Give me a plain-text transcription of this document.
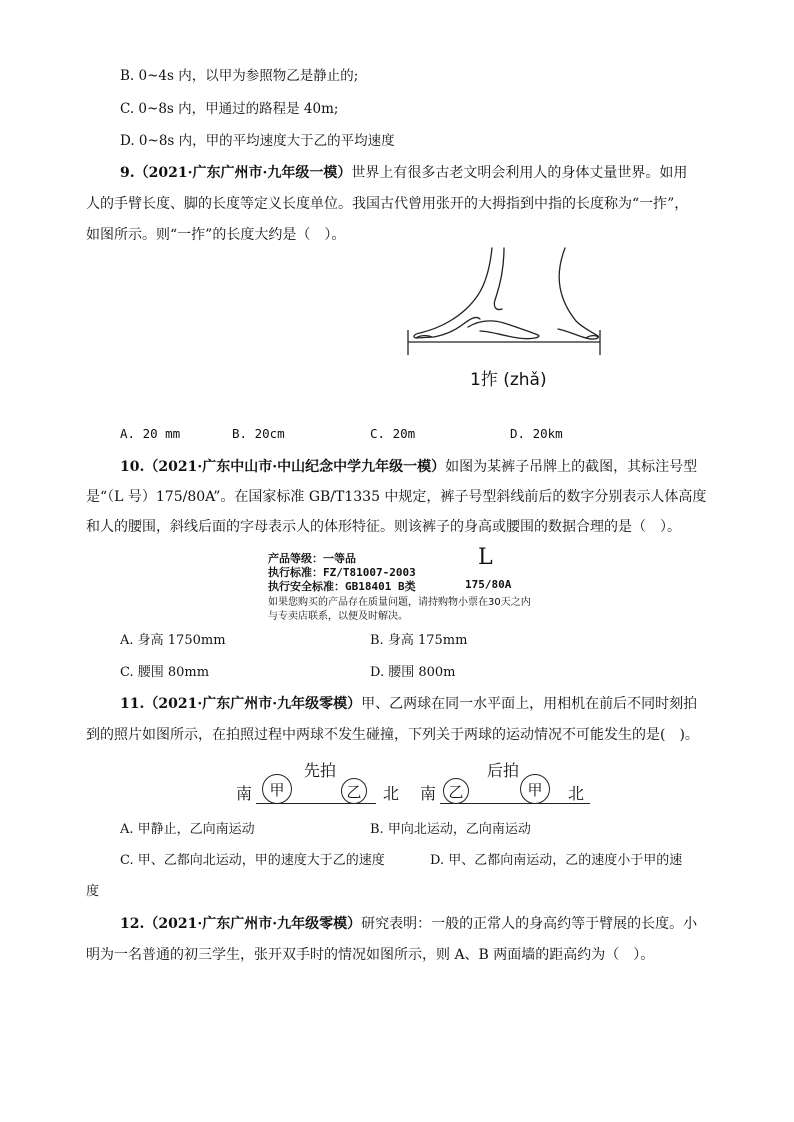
B. 0~4s 内，以甲为参照物乙是静止的;
C. 0~8s 内，甲通过的路程是 40m;
D. 0~8s 内，甲的平均速度大于乙的平均速度
9.（2021·广东广州市·九年级一模）世界上有很多古老文明会利用人的身体丈量世界。如用
人的手臂长度、脚的长度等定义长度单位。我国古代曾用张开的大拇指到中指的长度称为“一拃”，
如图所示。则“一拃”的长度大约是（　）。
1拃 (zhǎ)
A. 20 mm	B. 20cm	C. 20m	D. 20km
10.（2021·广东中山市·中山纪念中学九年级一模）如图为某裤子吊牌上的截图，其标注号型
是“（L 号）175/80A”。在国家标准 GB/T1335 中规定，裤子号型斜线前后的数字分别表示人体高度
和人的腰围，斜线后面的字母表示人的体形特征。则该裤子的身高或腰围的数据合理的是（　）。
产品等级：一等品
执行标准：FZ/T81007-2003
执行安全标准：GB18401 B类
如果您购买的产品存在质量问题，请持购物小票在30天之内
与专卖店联系，以便及时解决。
L
175/80A
A. 身高 1750mm	B. 身高 175mm
C. 腰围 80mm	D. 腰围 800m
11.（2021·广东广州市·九年级零模）甲、乙两球在同一水平面上，用相机在前后不同时刻拍
到的照片如图所示，在拍照过程中两球不发生碰撞，下列关于两球的运动情况不可能发生的是(　)。
先拍
南	甲	乙	北
后拍
南 乙	甲	北
A. 甲静止，乙向南运动	B. 甲向北运动，乙向南运动
C. 甲、乙都向北运动，甲的速度大于乙的速度	D. 甲、乙都向南运动，乙的速度小于甲的速
度
12.（2021·广东广州市·九年级零模）研究表明：一般的正常人的身高约等于臂展的长度。小
明为一名普通的初三学生，张开双手时的情况如图所示，则 A、B 两面墙的距高约为（　）。
